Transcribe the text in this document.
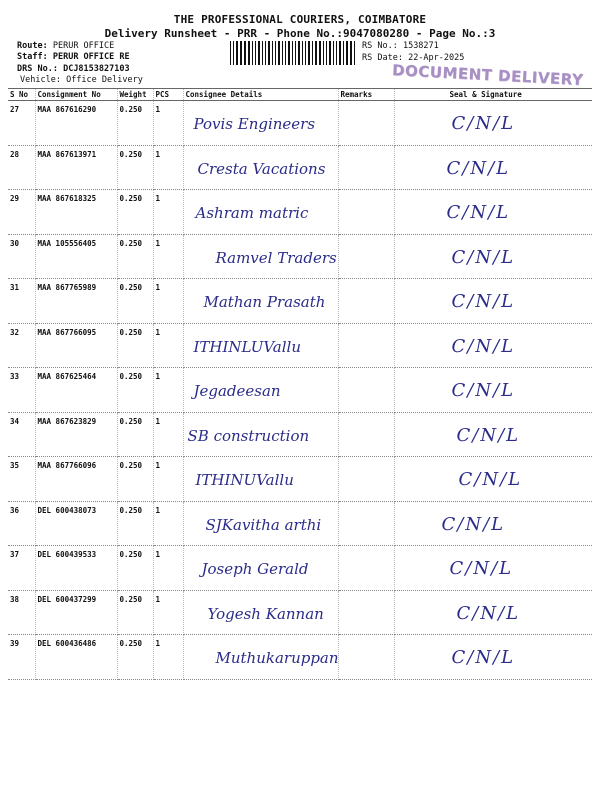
THE PROFESSIONAL COURIERS, COIMBATORE
Delivery Runsheet - PRR - Phone No.:9047080280 - Page No.:3
Route: PERUR OFFICE
Staff: PERUR OFFICE RE
DRS No.: DCJ8153827103
Vehicle: Office Delivery
RS No.: 1538271
RS Date: 22-Apr-2025
DOCUMENT DELIVERY
S No	Consignment No	Weight	PCS	Consignee Details	Remarks	Seal & Signature
27	MAA 867616290	0.250	1	Povis Engineers		C/N/L
28	MAA 867613971	0.250	1	Cresta Vacations		C/N/L
29	MAA 867618325	0.250	1	Ashram matric		C/N/L
30	MAA 105556405	0.250	1	Ramvel Traders		C/N/L
31	MAA 867765989	0.250	1	Mathan Prasath		C/N/L
32	MAA 867766095	0.250	1	ITHINLUVallu		C/N/L
33	MAA 867625464	0.250	1	Jegadeesan		C/N/L
34	MAA 867623829	0.250	1	SB construction		C/N/L
35	MAA 867766096	0.250	1	ITHINUVallu		C/N/L
36	DEL 600438073	0.250	1	SJKavitha arthi		C/N/L
37	DEL 600439533	0.250	1	Joseph Gerald		C/N/L
38	DEL 600437299	0.250	1	Yogesh Kannan		C/N/L
39	DEL 600436486	0.250	1	Muthukaruppan		C/N/L
